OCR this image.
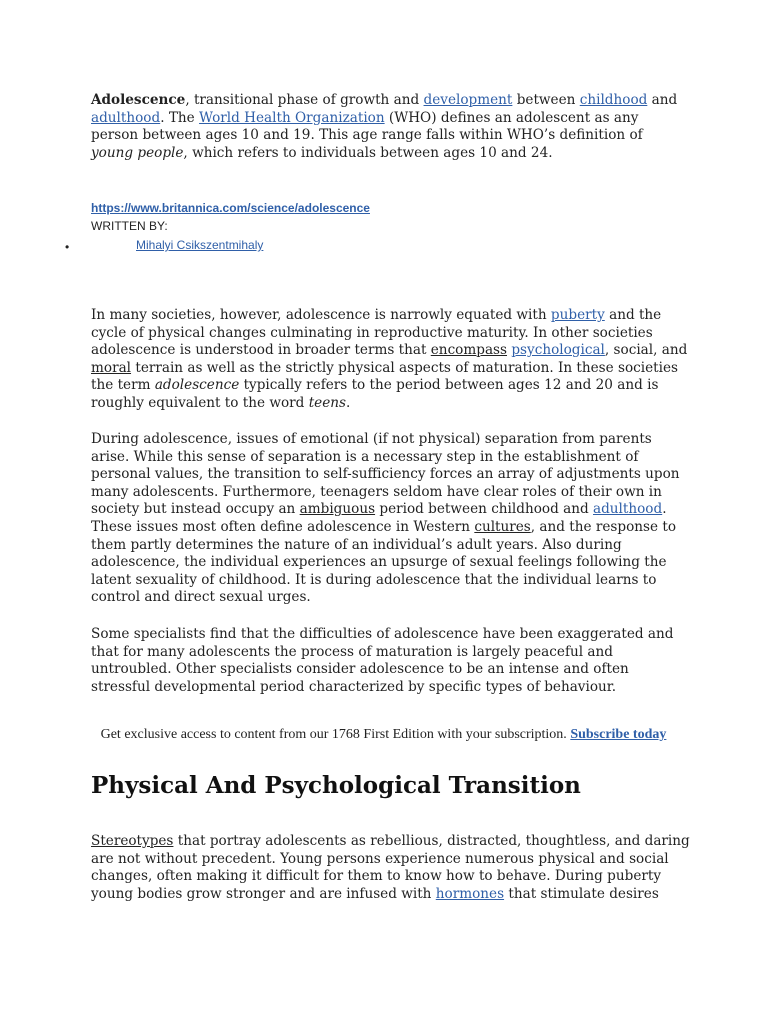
Adolescence, transitional phase of growth and development between childhood and adulthood. The World Health Organization (WHO) defines an adolescent as any person between ages 10 and 19. This age range falls within WHO’s definition of young people, which refers to individuals between ages 10 and 24.
https://www.britannica.com/science/adolescence
WRITTEN BY:
•	Mihalyi Csikszentmihaly
In many societies, however, adolescence is narrowly equated with puberty and the cycle of physical changes culminating in reproductive maturity. In other societies adolescence is understood in broader terms that encompass psychological, social, and moral terrain as well as the strictly physical aspects of maturation. In these societies the term adolescence typically refers to the period between ages 12 and 20 and is roughly equivalent to the word teens.
During adolescence, issues of emotional (if not physical) separation from parents arise. While this sense of separation is a necessary step in the establishment of personal values, the transition to self-sufficiency forces an array of adjustments upon many adolescents. Furthermore, teenagers seldom have clear roles of their own in society but instead occupy an ambiguous period between childhood and adulthood. These issues most often define adolescence in Western cultures, and the response to them partly determines the nature of an individual’s adult years. Also during adolescence, the individual experiences an upsurge of sexual feelings following the latent sexuality of childhood. It is during adolescence that the individual learns to control and direct sexual urges.
Some specialists find that the difficulties of adolescence have been exaggerated and that for many adolescents the process of maturation is largely peaceful and untroubled. Other specialists consider adolescence to be an intense and often stressful developmental period characterized by specific types of behaviour.
Get exclusive access to content from our 1768 First Edition with your subscription. Subscribe today
Physical And Psychological Transition
Stereotypes that portray adolescents as rebellious, distracted, thoughtless, and daring are not without precedent. Young persons experience numerous physical and social changes, often making it difficult for them to know how to behave. During puberty young bodies grow stronger and are infused with hormones that stimulate desires
